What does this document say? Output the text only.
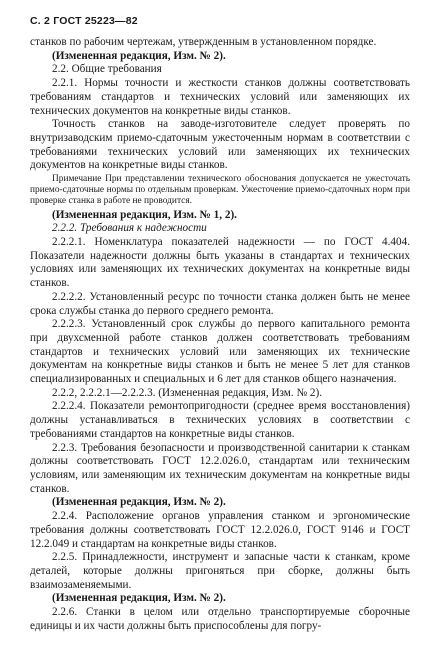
С. 2 ГОСТ 25223—82

станков по рабочим чертежам, утвержденным в установленном порядке.

(Измененная редакция, Изм. № 2).

2.2. Общие требования

2.2.1. Нормы точности и жесткости станков должны соответствовать требованиям стандартов и технических условий или заменяющих их технических документов на конкретные виды станков.

Точность станков на заводе-изготовителе следует проверять по внутризаводским приемо-сдаточным ужесточенным нормам в соответствии с требованиями технических условий или заменяющих их технических документов на конкретные виды станков.

Примечание При представлении технического обоснования допускается не ужесточать приемо-сдаточные нормы по отдельным проверкам. Ужесточение приемо-сдаточных норм при проверке станка в работе не проводится.

(Измененная редакция, Изм. № 1, 2).

2.2.2. Требования к надежности

2.2.2.1. Номенклатура показателей надежности — по ГОСТ 4.404. Показатели надежности должны быть указаны в стандартах и технических условиях или заменяющих их технических документах на конкретные виды станков.

2.2.2.2. Установленный ресурс по точности станка должен быть не менее срока службы станка до первого среднего ремонта.

2.2.2.3. Установленный срок службы до первого капитального ремонта при двухсменной работе станков должен соответствовать требованиям стандартов и технических условий или заменяющих их технические документам на конкретные виды станков и быть не менее 5 лет для станков специализированных и специальных и 6 лет для станков общего назначения.

2.2.2, 2.2.2.1—2.2.2.3. (Измененная редакция, Изм. № 2).

2.2.2.4. Показатели ремонтопригодности (среднее время восстановления) должны устанавливаться в технических условиях в соответствии с требованиями стандартов на конкретные виды станков.

2.2.3. Требования безопасности и производственной санитарии к станкам должны соответствовать ГОСТ 12.2.026.0, стандартам или техническим условиям, или заменяющим их техническим документам на конкретные виды станков.

(Измененная редакция, Изм. № 2).

2.2.4. Расположение органов управления станком и эргономические требования должны соответствовать ГОСТ 12.2.026.0, ГОСТ 9146 и ГОСТ 12.2.049 и стандартам на конкретные виды станков.

2.2.5. Принадлежности, инструмент и запасные части к станкам, кроме деталей, которые должны пригоняться при сборке, должны быть взаимозаменяемыми.

(Измененная редакция, Изм. № 2).

2.2.6. Станки в целом или отдельно транспортируемые сборочные единицы и их части должны быть приспособлены для погру-
